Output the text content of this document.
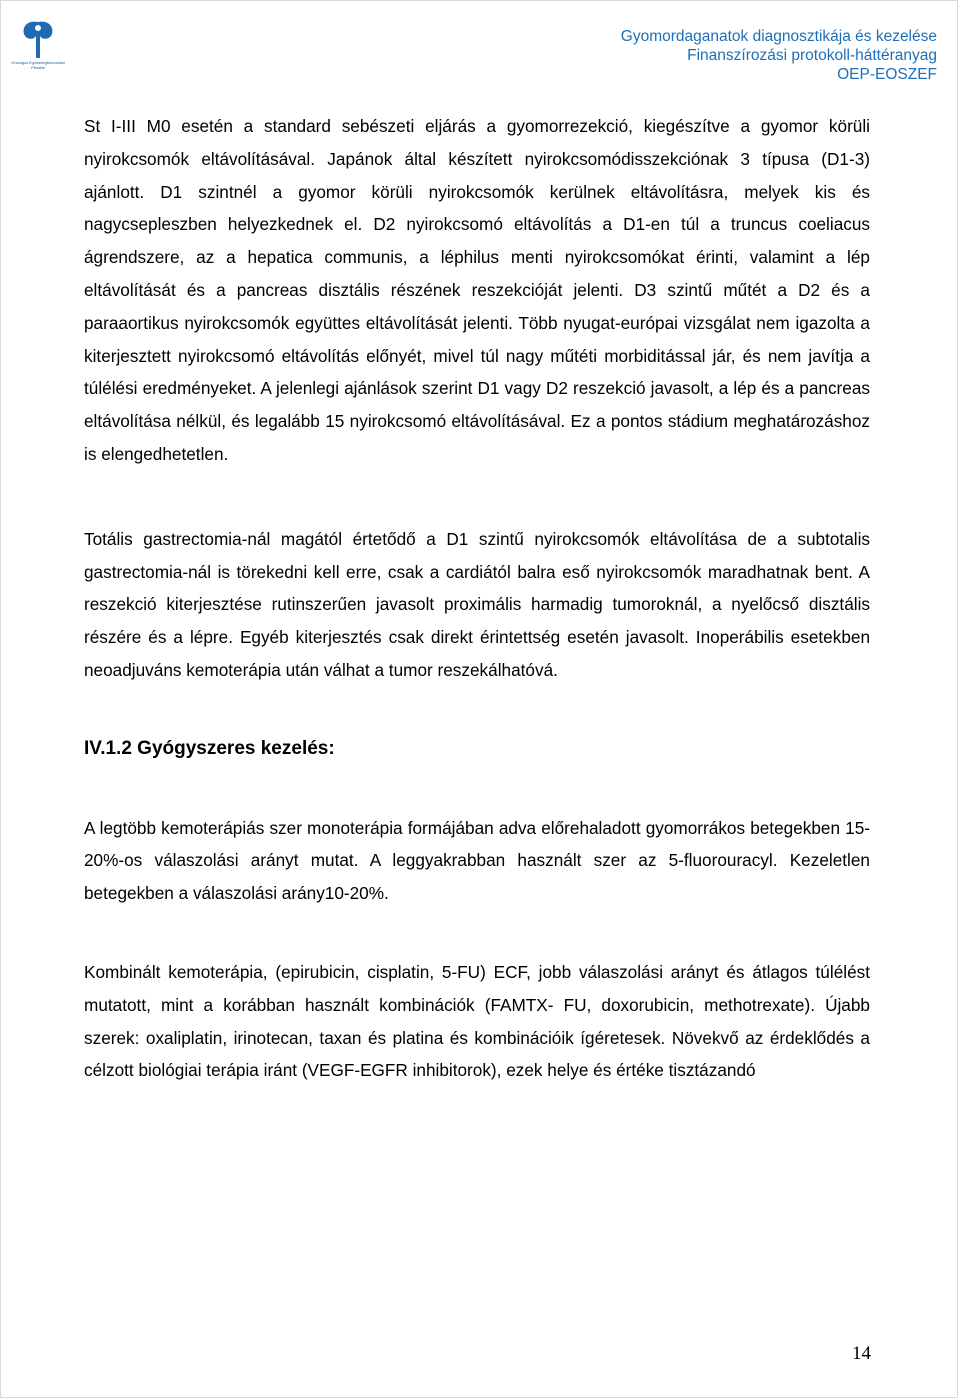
Országos Egészségbiztosítási Pénztár
Gyomordaganatok diagnosztikája és kezelése
Finanszírozási protokoll-háttéranyag
OEP-EOSZEF

St I-III M0 esetén a standard sebészeti eljárás a gyomorrezekció, kiegészítve a gyomor körüli nyirokcsomók eltávolításával. Japánok által készített nyirokcsomódisszekciónak 3 típusa (D1-3) ajánlott. D1 szintnél a gyomor körüli nyirokcsomók kerülnek eltávolításra, melyek kis és nagycsepleszben helyezkednek el. D2 nyirokcsomó eltávolítás a D1-en túl a truncus coeliacus ágrendszere, az a hepatica communis, a léphilus menti nyirokcsomókat érinti, valamint a lép eltávolítását és a pancreas disztális részének reszekcióját jelenti. D3 szintű műtét a D2 és a paraaortikus nyirokcsomók együttes eltávolítását jelenti. Több nyugat-európai vizsgálat nem igazolta a kiterjesztett nyirokcsomó eltávolítás előnyét, mivel túl nagy műtéti morbiditással jár, és nem javítja a túlélési eredményeket. A jelenlegi ajánlások szerint D1 vagy D2 reszekció javasolt, a lép és a pancreas eltávolítása nélkül, és legalább 15 nyirokcsomó eltávolításával. Ez a pontos stádium meghatározáshoz is elengedhetetlen.

Totális gastrectomia-nál magától értetődő a D1 szintű nyirokcsomók eltávolítása de a subtotalis gastrectomia-nál is törekedni kell erre, csak a cardiától balra eső nyirokcsomók maradhatnak bent. A reszekció kiterjesztése rutinszerűen javasolt proximális harmadig tumoroknál, a nyelőcső disztális részére és a lépre. Egyéb kiterjesztés csak direkt érintettség esetén javasolt. Inoperábilis esetekben neoadjuváns kemoterápia után válhat a tumor reszekálhatóvá.

IV.1.2 Gyógyszeres kezelés:

A legtöbb kemoterápiás szer monoterápia formájában adva előrehaladott gyomorrákos betegekben 15-20%-os válaszolási arányt mutat. A leggyakrabban használt szer az 5-fluorouracyl. Kezeletlen betegekben a válaszolási arány10-20%.

Kombinált kemoterápia, (epirubicin, cisplatin, 5-FU) ECF, jobb válaszolási arányt és átlagos túlélést mutatott, mint a korábban használt kombinációk (FAMTX- FU, doxorubicin, methotrexate). Újabb szerek: oxaliplatin, irinotecan, taxan és platina és kombinációik ígéretesek. Növekvő az érdeklődés a célzott biológiai terápia iránt (VEGF-EGFR inhibitorok), ezek helye és értéke tisztázandó

14
